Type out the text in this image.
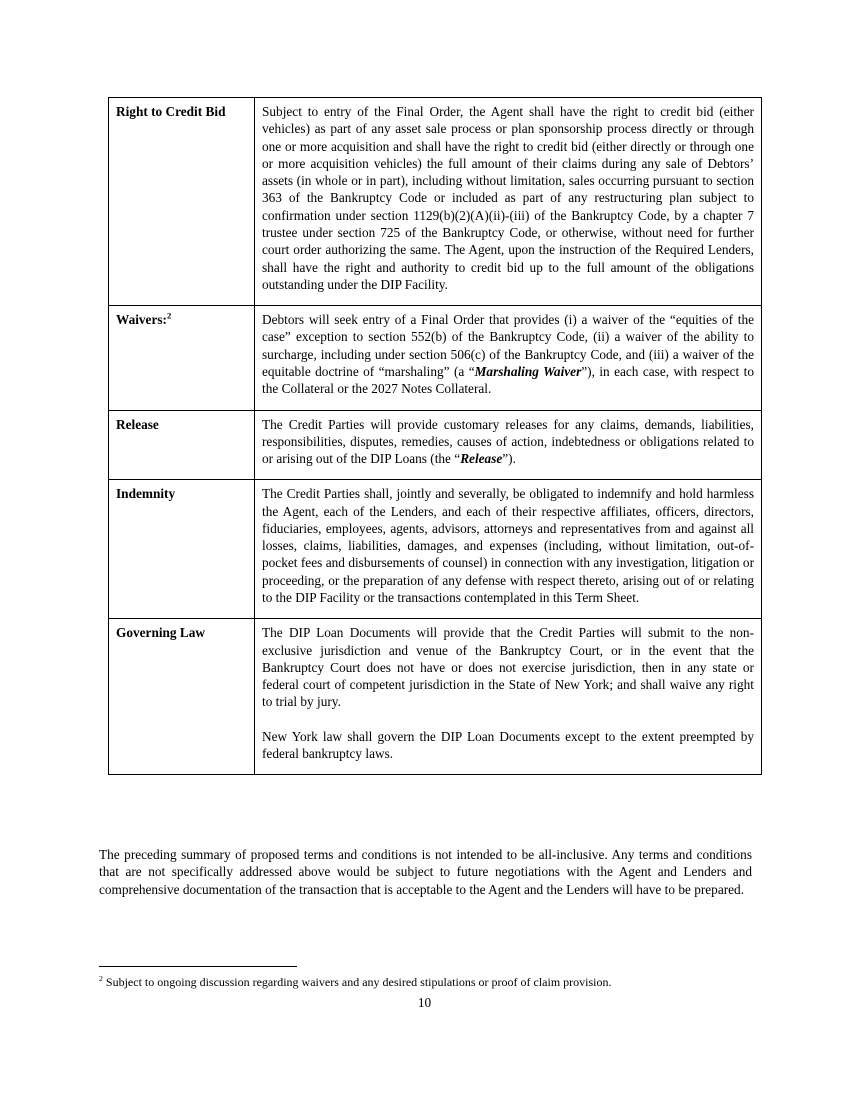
Right to Credit Bid	Subject to entry of the Final Order, the Agent shall have the right to credit bid (either vehicles) as part of any asset sale process or plan sponsorship process directly or through one or more acquisition and shall have the right to credit bid (either directly or through one or more acquisition vehicles) the full amount of their claims during any sale of Debtors’ assets (in whole or in part), including without limitation, sales occurring pursuant to section 363 of the Bankruptcy Code or included as part of any restructuring plan subject to confirmation under section 1129(b)(2)(A)(ii)-(iii) of the Bankruptcy Code, by a chapter 7 trustee under section 725 of the Bankruptcy Code, or otherwise, without need for further court order authorizing the same. The Agent, upon the instruction of the Required Lenders, shall have the right and authority to credit bid up to the full amount of the obligations outstanding under the DIP Facility.

Waivers:$^2$	Debtors will seek entry of a Final Order that provides (i) a waiver of the “equities of the case” exception to section 552(b) of the Bankruptcy Code, (ii) a waiver of the ability to surcharge, including under section 506(c) of the Bankruptcy Code, and (iii) a waiver of the equitable doctrine of “marshaling” (a “Marshaling Waiver”), in each case, with respect to the Collateral or the 2027 Notes Collateral.

Release	The Credit Parties will provide customary releases for any claims, demands, liabilities, responsibilities, disputes, remedies, causes of action, indebtedness or obligations related to or arising out of the DIP Loans (the “Release”).

Indemnity	The Credit Parties shall, jointly and severally, be obligated to indemnify and hold harmless the Agent, each of the Lenders, and each of their respective affiliates, officers, directors, fiduciaries, employees, agents, advisors, attorneys and representatives from and against all losses, claims, liabilities, damages, and expenses (including, without limitation, out-of-pocket fees and disbursements of counsel) in connection with any investigation, litigation or proceeding, or the preparation of any defense with respect thereto, arising out of or relating to the DIP Facility or the transactions contemplated in this Term Sheet.

Governing Law	The DIP Loan Documents will provide that the Credit Parties will submit to the non-exclusive jurisdiction and venue of the Bankruptcy Court, or in the event that the Bankruptcy Court does not have or does not exercise jurisdiction, then in any state or federal court of competent jurisdiction in the State of New York; and shall waive any right to trial by jury.

New York law shall govern the DIP Loan Documents except to the extent preempted by federal bankruptcy laws.

The preceding summary of proposed terms and conditions is not intended to be all-inclusive. Any terms and conditions that are not specifically addressed above would be subject to future negotiations with the Agent and Lenders and comprehensive documentation of the transaction that is acceptable to the Agent and the Lenders will have to be prepared.

$^2$ Subject to ongoing discussion regarding waivers and any desired stipulations or proof of claim provision.
10
